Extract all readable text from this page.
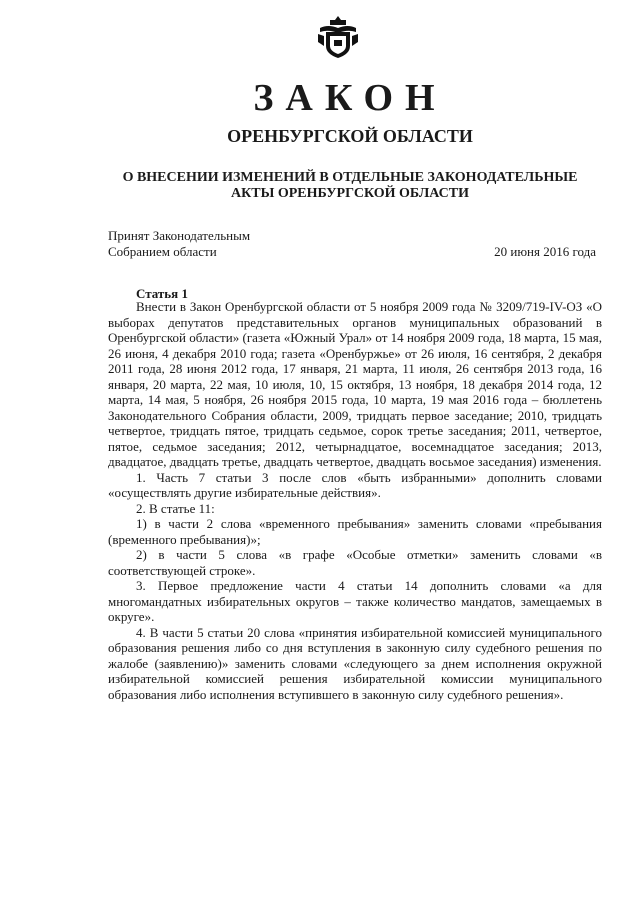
ЗАКОН
ОРЕНБУРГСКОЙ ОБЛАСТИ
О ВНЕСЕНИИ ИЗМЕНЕНИЙ В ОТДЕЛЬНЫЕ ЗАКОНОДАТЕЛЬНЫЕ АКТЫ ОРЕНБУРГСКОЙ ОБЛАСТИ
Принят Законодательным
Собранием области	20 июня 2016 года
Статья 1

Внести в Закон Оренбургской области от 5 ноября 2009 года № 3209/719-IV-ОЗ «О выборах депутатов представительных органов муниципальных образований в Оренбургской области» (газета «Южный Урал» от 14 ноября 2009 года, 18 марта, 15 мая, 26 июня, 4 декабря 2010 года; газета «Оренбуржье» от 26 июля, 16 сентября, 2 декабря 2011 года, 28 июня 2012 года, 17 января, 21 марта, 11 июля, 26 сентября 2013 года, 16 января, 20 марта, 22 мая, 10 июля, 10, 15 октября, 13 ноября, 18 декабря 2014 года, 12 марта, 14 мая, 5 ноября, 26 ноября 2015 года, 10 марта, 19 мая 2016 года – бюллетень Законодательного Собрания области, 2009, тридцать первое заседание; 2010, тридцать четвертое, тридцать пятое, тридцать седьмое, сорок третье заседания; 2011, четвертое, пятое, седьмое заседания; 2012, четырнадцатое, восемнадцатое заседания; 2013, двадцатое, двадцать третье, двадцать четвертое, двадцать восьмое заседания) изменения.

1. Часть 7 статьи 3 после слов «быть избранными» дополнить словами «осуществлять другие избирательные действия».

2. В статье 11:

1) в части 2 слова «временного пребывания» заменить словами «пребывания (временного пребывания)»;

2) в части 5 слова «в графе «Особые отметки» заменить словами «в соответствующей строке».

3. Первое предложение части 4 статьи 14 дополнить словами «а для многомандатных избирательных округов – также количество мандатов, замещаемых в округе».

4. В части 5 статьи 20 слова «принятия избирательной комиссией муниципального образования решения либо со дня вступления в законную силу судебного решения по жалобе (заявлению)» заменить словами «следующего за днем исполнения окружной избирательной комиссией решения избирательной комиссии муниципального образования либо исполнения вступившего в законную силу судебного решения».
